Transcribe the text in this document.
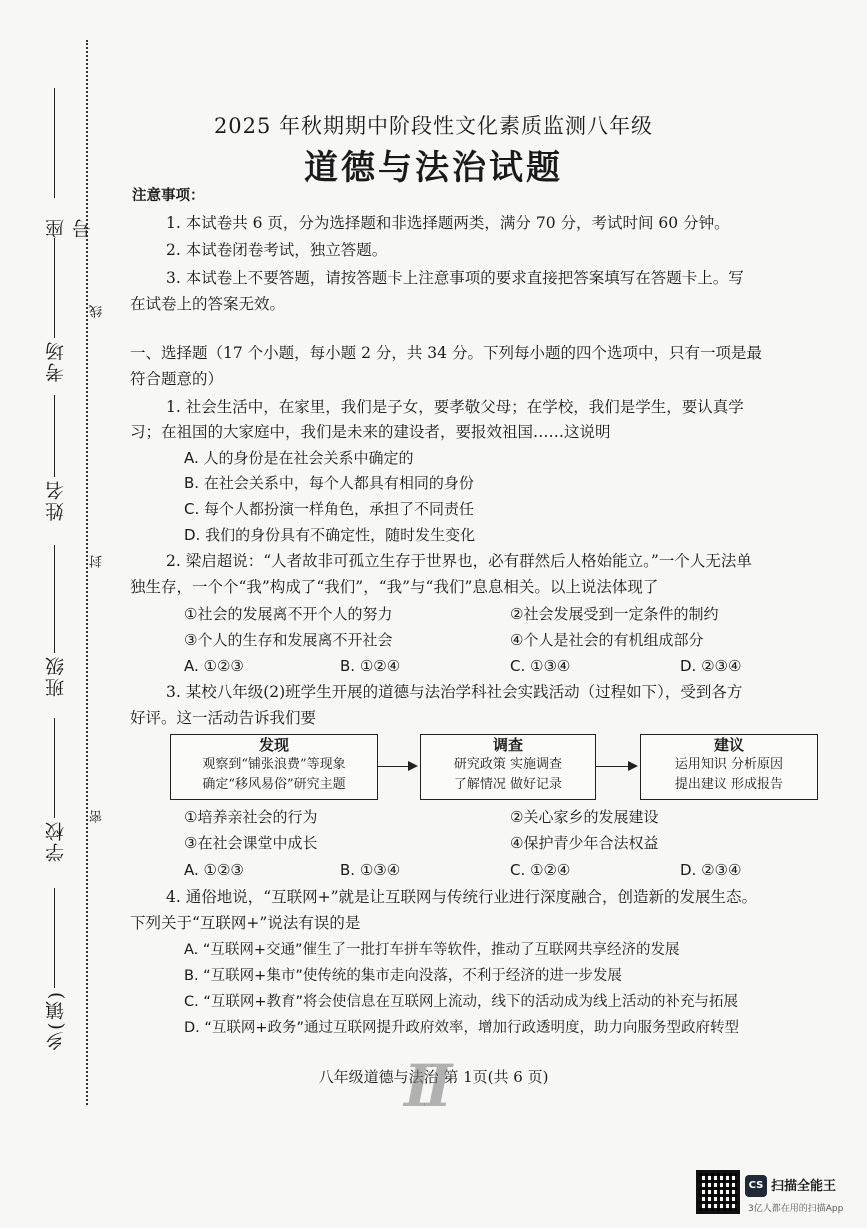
座号
考场
姓名
班级
学校
乡(镇)
线
封
密
2025 年秋期期中阶段性文化素质监测八年级
道德与法治试题
注意事项：
1. 本试卷共 6 页，分为选择题和非选择题两类，满分 70 分，考试时间 60 分钟。
2. 本试卷闭卷考试，独立答题。
3. 本试卷上不要答题，请按答题卡上注意事项的要求直接把答案填写在答题卡上。写
在试卷上的答案无效。
一、选择题（17 个小题，每小题 2 分，共 34 分。下列每小题的四个选项中，只有一项是最
符合题意的）
1. 社会生活中，在家里，我们是子女，要孝敬父母；在学校，我们是学生，要认真学
习；在祖国的大家庭中，我们是未来的建设者，要报效祖国……这说明
A. 人的身份是在社会关系中确定的
B. 在社会关系中，每个人都具有相同的身份
C. 每个人都扮演一样角色，承担了不同责任
D. 我们的身份具有不确定性，随时发生变化
2. 梁启超说：“人者故非可孤立生存于世界也，必有群然后人格始能立。”一个人无法单
独生存，一个个“我”构成了“我们”，“我”与“我们”息息相关。以上说法体现了
①社会的发展离不开个人的努力	②社会发展受到一定条件的制约
③个人的生存和发展离不开社会	④个人是社会的有机组成部分
A. ①②③	B. ①②④	C. ①③④	D. ②③④
3. 某校八年级(2)班学生开展的道德与法治学科社会实践活动（过程如下），受到各方
好评。这一活动告诉我们要
发现
观察到“铺张浪费”等现象
确定“移风易俗”研究主题
调查
研究政策 实施调查
了解情况 做好记录
建议
运用知识 分析原因
提出建议 形成报告
①培养亲社会的行为	②关心家乡的发展建设
③在社会课堂中成长	④保护青少年合法权益
A. ①②③	B. ①③④	C. ①②④	D. ②③④
4. 通俗地说，“互联网+”就是让互联网与传统行业进行深度融合，创造新的发展生态。
下列关于“互联网+”说法有误的是
A. “互联网+交通”催生了一批打车拼车等软件，推动了互联网共享经济的发展
B. “互联网+集市”使传统的集市走向没落，不利于经济的进一步发展
C. “互联网+教育”将会使信息在互联网上流动，线下的活动成为线上活动的补充与拓展
D. “互联网+政务”通过互联网提升政府效率，增加行政透明度，助力向服务型政府转型
八年级道德与法治 第 1页(共 6 页)
II
CS 扫描全能王
3亿人都在用的扫描App
